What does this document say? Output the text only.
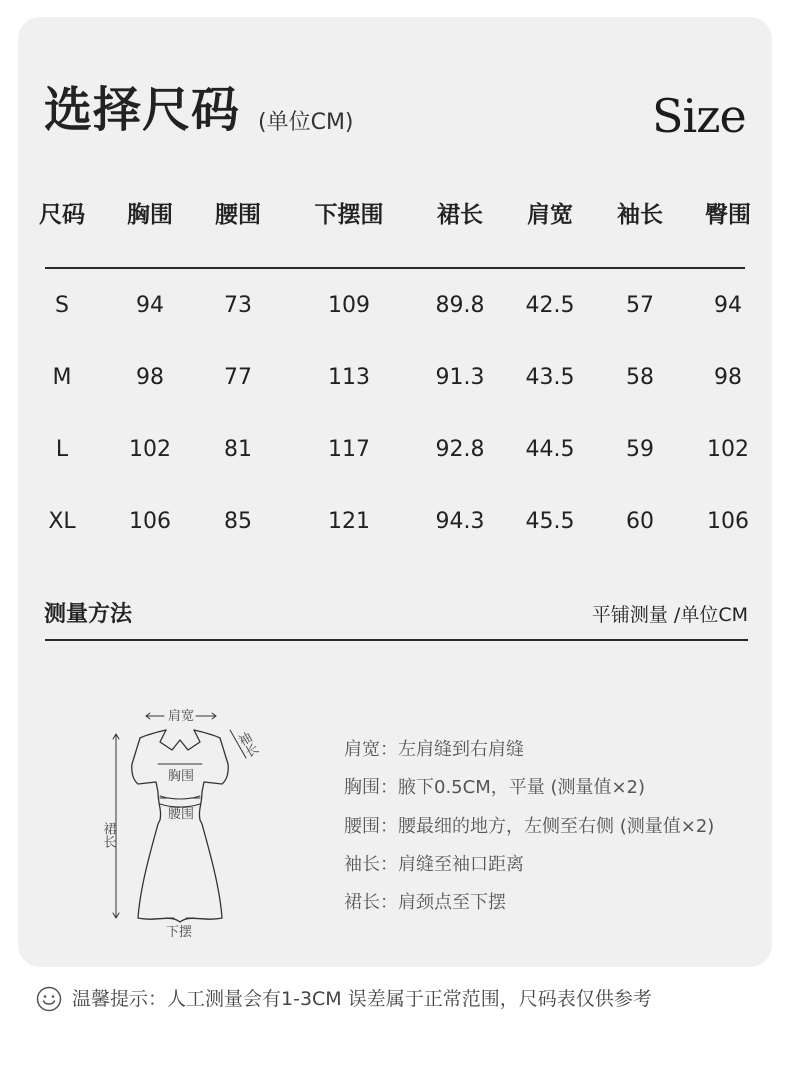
选择尺码 (单位CM)	Size
尺码	胸围	腰围	下摆围	裙长	肩宽	袖长	臀围
S	94	73	109	89.8	42.5	57	94
M	98	77	113	91.3	43.5	58	98
L	102	81	117	92.8	44.5	59	102
XL	106	85	121	94.3	45.5	60	106
测量方法	平铺测量 /单位CM
肩宽
胸围
腰围
下摆
裙长
袖长	肩宽：左肩缝到右肩缝
胸围：腋下0.5CM，平量 (测量值×2)
腰围：腰最细的地方，左侧至右侧 (测量值×2)
袖长：肩缝至袖口距离
裙长：肩颈点至下摆
温馨提示：人工测量会有1-3CM 误差属于正常范围，尺码表仅供参考
